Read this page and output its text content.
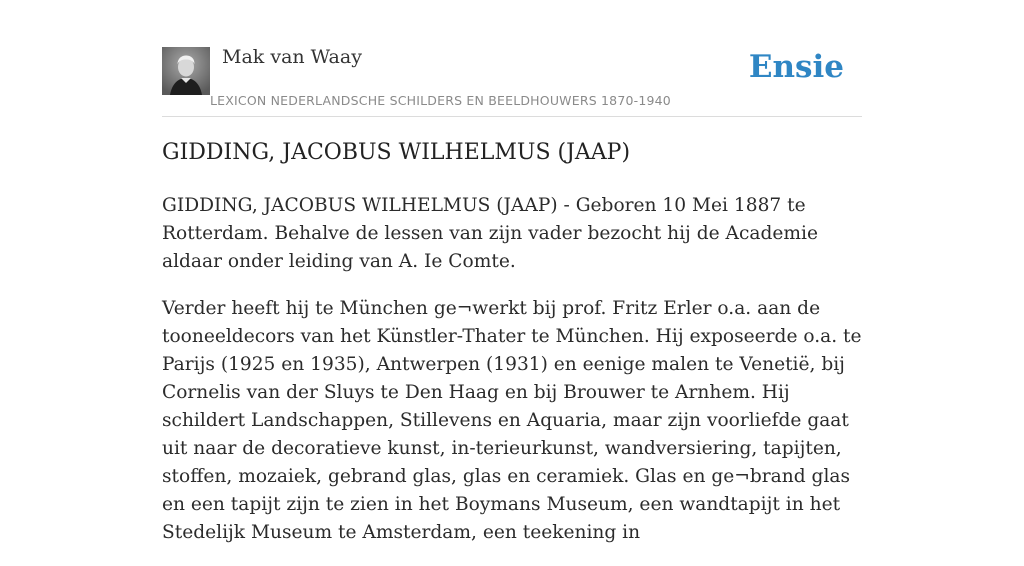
Mak van Waay
LEXICON NEDERLANDSCHE SCHILDERS EN BEELDHOUWERS 1870-1940
Ensie
GIDDING, JACOBUS WILHELMUS (JAAP)

GIDDING, JACOBUS WILHELMUS (JAAP) - Geboren 10 Mei 1887 te Rotterdam. Behalve de lessen van zijn vader bezocht hij de Academie aldaar onder leiding van A. Ie Comte.

Verder heeft hij te München ge¬werkt bij prof. Fritz Erler o.a. aan de tooneeldecors van het Künstler-Thater te München. Hij exposeerde o.a. te Parijs (1925 en 1935), Antwerpen (1931) en eenige malen te Venetië, bij Cornelis van der Sluys te Den Haag en bij Brouwer te Arnhem. Hij schildert Landschappen, Stillevens en Aquaria, maar zijn voorliefde gaat uit naar de decoratieve kunst, in-terieurkunst, wandversiering, tapijten, stoffen, mozaiek, gebrand glas, glas en ceramiek. Glas en ge¬brand glas en een tapijt zijn te zien in het Boymans Museum, een wandtapijt in het Stedelijk Museum te Amsterdam, een teekening in
